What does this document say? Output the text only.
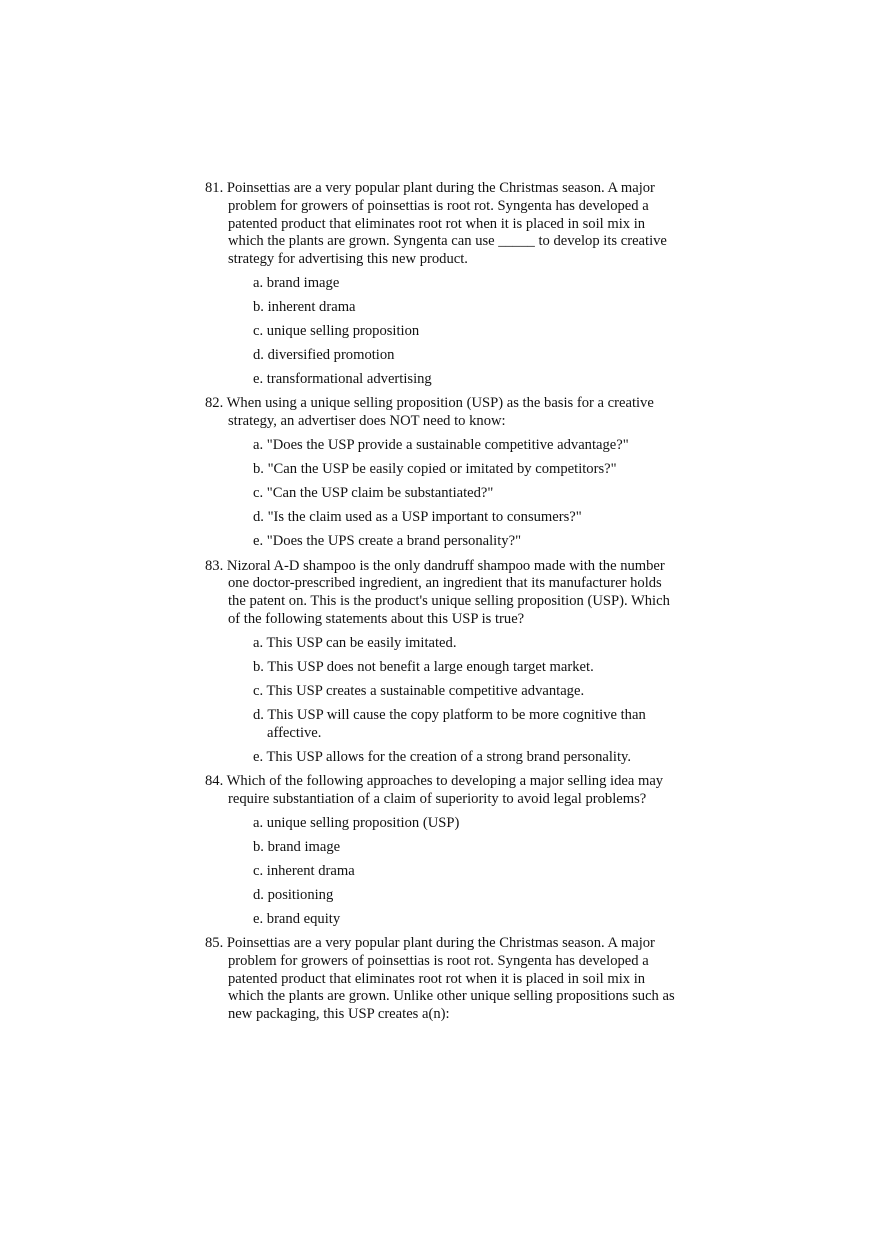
81. Poinsettias are a very popular plant during the Christmas season. A major problem for growers of poinsettias is root rot. Syngenta has developed a patented product that eliminates root rot when it is placed in soil mix in which the plants are grown. Syngenta can use _____ to develop its creative strategy for advertising this new product.

a. brand image
b. inherent drama
c. unique selling proposition
d. diversified promotion
e. transformational advertising

82. When using a unique selling proposition (USP) as the basis for a creative strategy, an advertiser does NOT need to know:

a. "Does the USP provide a sustainable competitive advantage?"
b. "Can the USP be easily copied or imitated by competitors?"
c. "Can the USP claim be substantiated?"
d. "Is the claim used as a USP important to consumers?"
e. "Does the UPS create a brand personality?"

83. Nizoral A-D shampoo is the only dandruff shampoo made with the number one doctor-prescribed ingredient, an ingredient that its manufacturer holds the patent on. This is the product's unique selling proposition (USP). Which of the following statements about this USP is true?

a. This USP can be easily imitated.
b. This USP does not benefit a large enough target market.
c. This USP creates a sustainable competitive advantage.
d. This USP will cause the copy platform to be more cognitive than affective.
e. This USP allows for the creation of a strong brand personality.

84. Which of the following approaches to developing a major selling idea may require substantiation of a claim of superiority to avoid legal problems?

a. unique selling proposition (USP)
b. brand image
c. inherent drama
d. positioning
e. brand equity

85. Poinsettias are a very popular plant during the Christmas season. A major problem for growers of poinsettias is root rot. Syngenta has developed a patented product that eliminates root rot when it is placed in soil mix in which the plants are grown. Unlike other unique selling propositions such as new packaging, this USP creates a(n):
